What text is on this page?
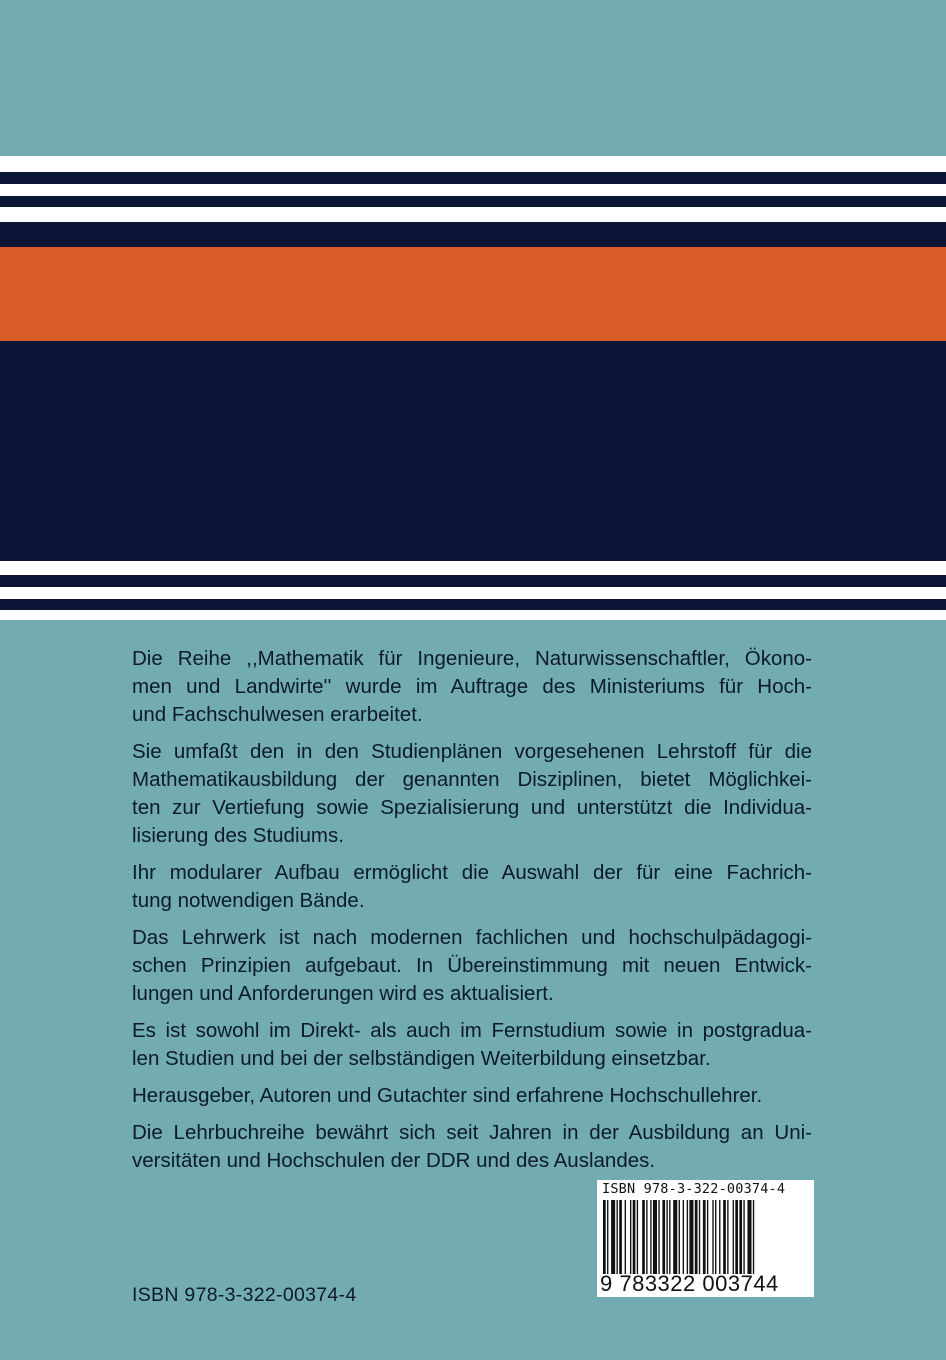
Die Reihe ,,Mathematik für Ingenieure, Naturwissenschaftler, Ökono-
men und Landwirte'' wurde im Auftrage des Ministeriums für Hoch-
und Fachschulwesen erarbeitet.
Sie umfaßt den in den Studienplänen vorgesehenen Lehrstoff für die
Mathematikausbildung der genannten Disziplinen, bietet Möglichkei-
ten zur Vertiefung sowie Spezialisierung und unterstützt die Individua-
lisierung des Studiums.
Ihr modularer Aufbau ermöglicht die Auswahl der für eine Fachrich-
tung notwendigen Bände.
Das Lehrwerk ist nach modernen fachlichen und hochschulpädagogi-
schen Prinzipien aufgebaut. In Übereinstimmung mit neuen Entwick-
lungen und Anforderungen wird es aktualisiert.
Es ist sowohl im Direkt- als auch im Fernstudium sowie in postgradua-
len Studien und bei der selbständigen Weiterbildung einsetzbar.
Herausgeber, Autoren und Gutachter sind erfahrene Hochschullehrer.
Die Lehrbuchreihe bewährt sich seit Jahren in der Ausbildung an Uni-
versitäten und Hochschulen der DDR und des Auslandes.
ISBN 978-3-322-00374-4
9 783322 003744
ISBN 978-3-322-00374-4
